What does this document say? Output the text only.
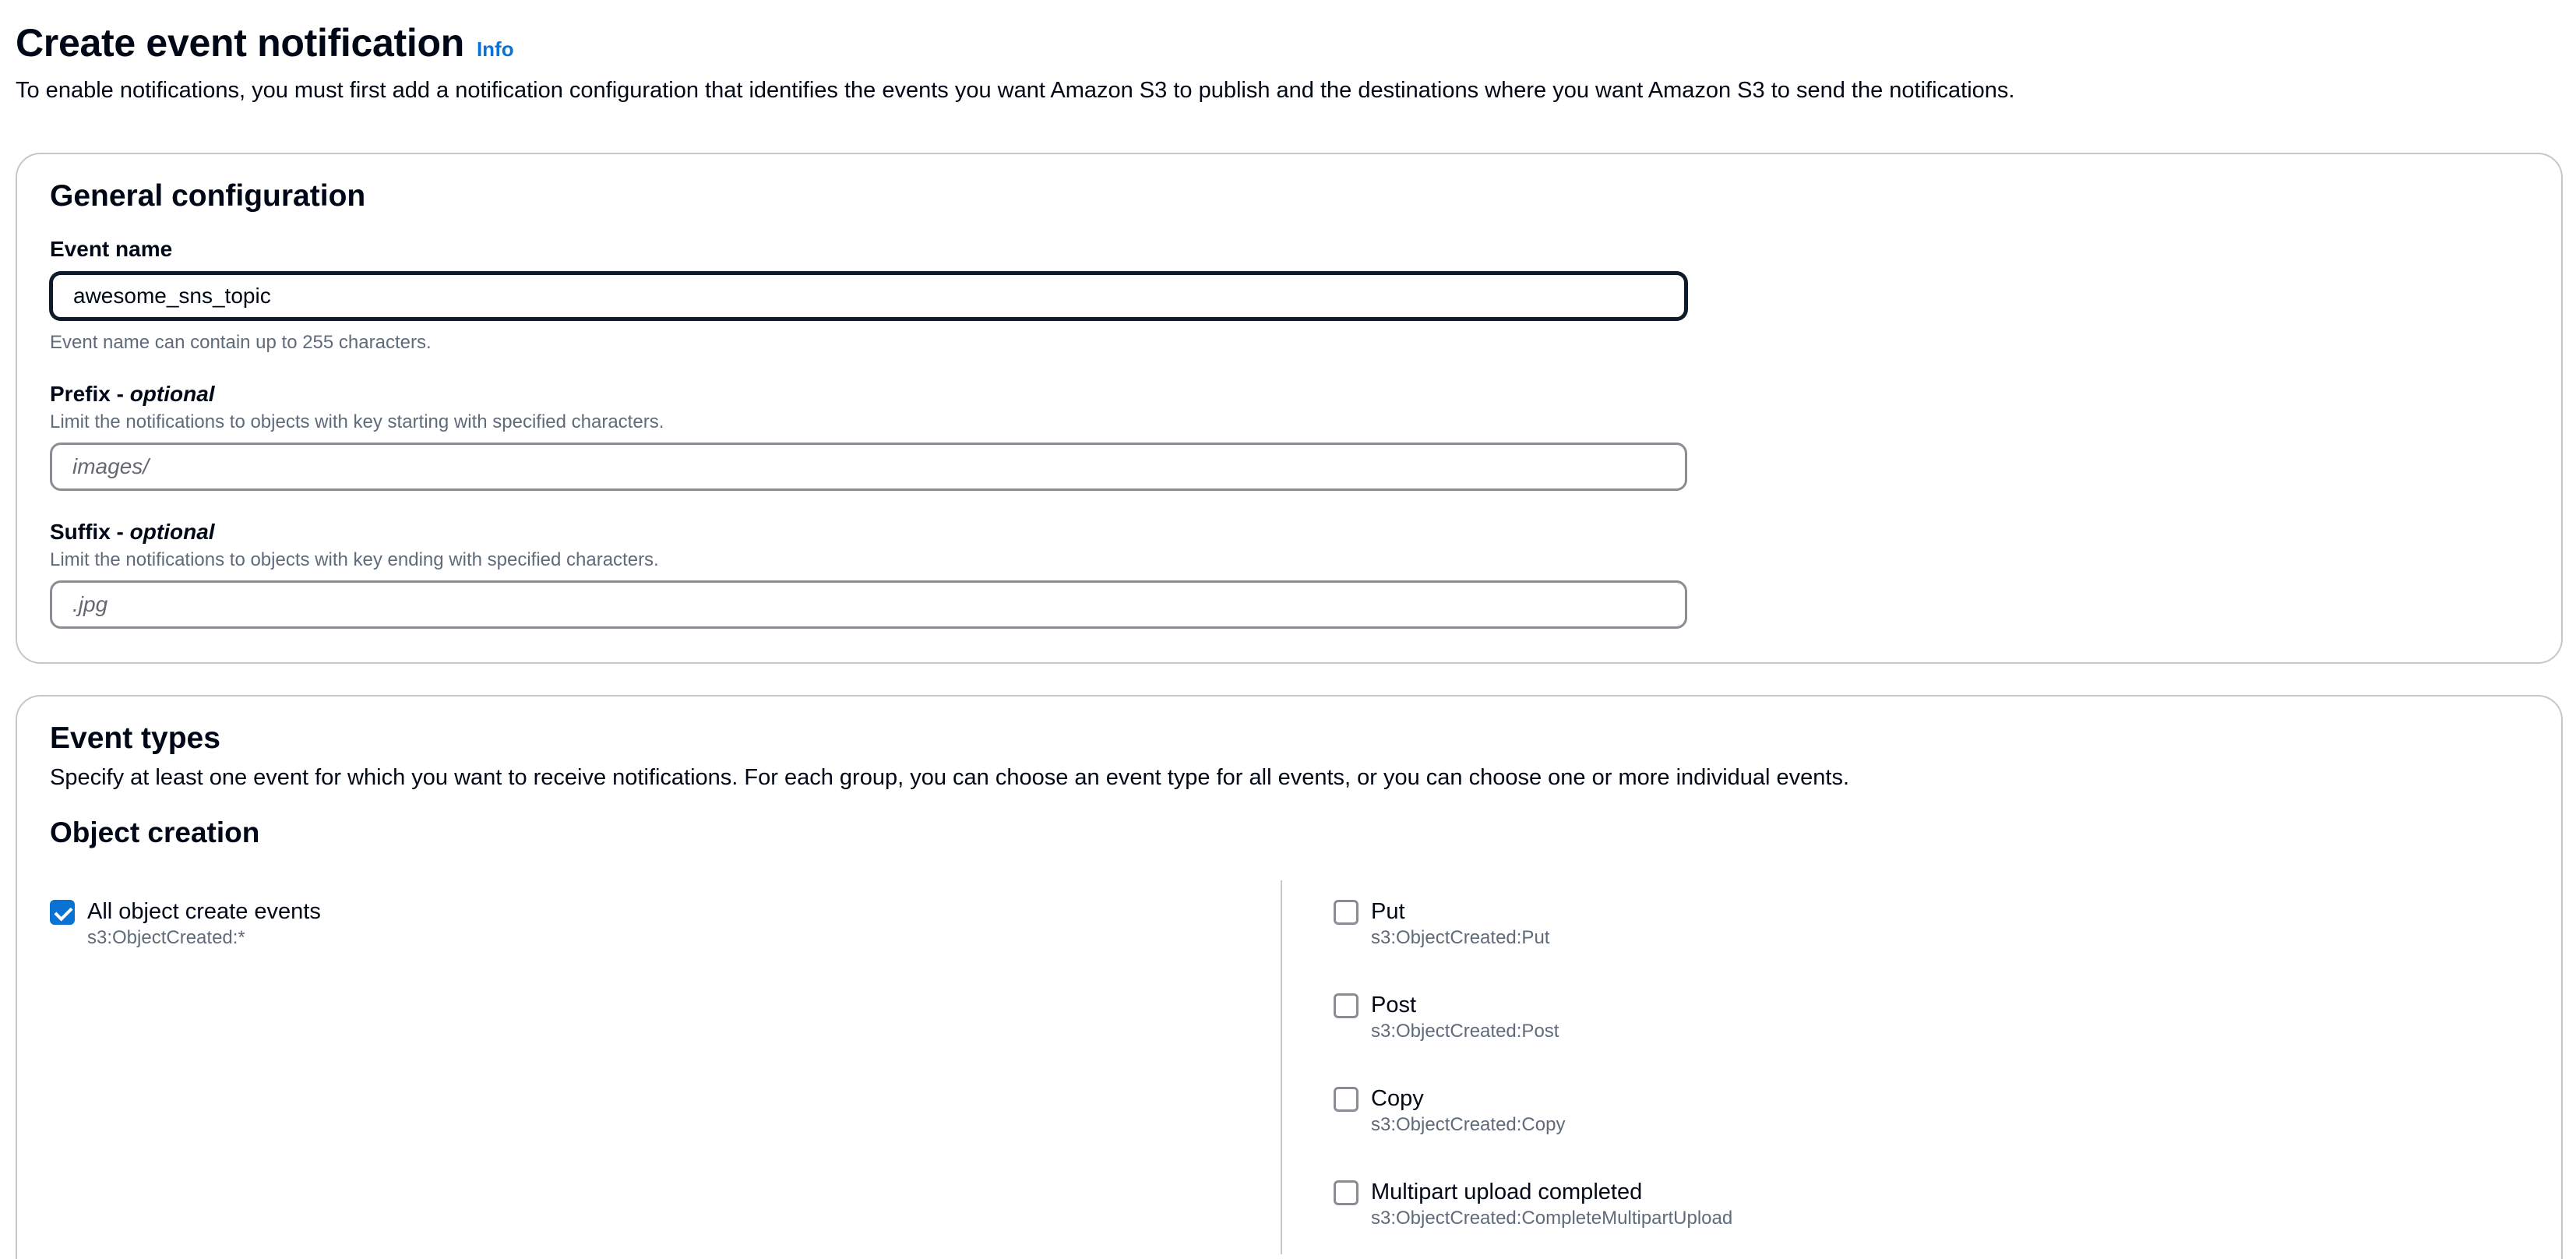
Create event notification Info
To enable notifications, you must first add a notification configuration that identifies the events you want Amazon S3 to publish and the destinations where you want Amazon S3 to send the notifications.
General configuration
Event name
awesome_sns_topic
Event name can contain up to 255 characters.
Prefix - optional
Limit the notifications to objects with key starting with specified characters.
images/
Suffix - optional
Limit the notifications to objects with key ending with specified characters.
.jpg
Event types
Specify at least one event for which you want to receive notifications. For each group, you can choose an event type for all events, or you can choose one or more individual events.
Object creation
All object create events
s3:ObjectCreated:*
Put
s3:ObjectCreated:Put
Post
s3:ObjectCreated:Post
Copy
s3:ObjectCreated:Copy
Multipart upload completed
s3:ObjectCreated:CompleteMultipartUpload
